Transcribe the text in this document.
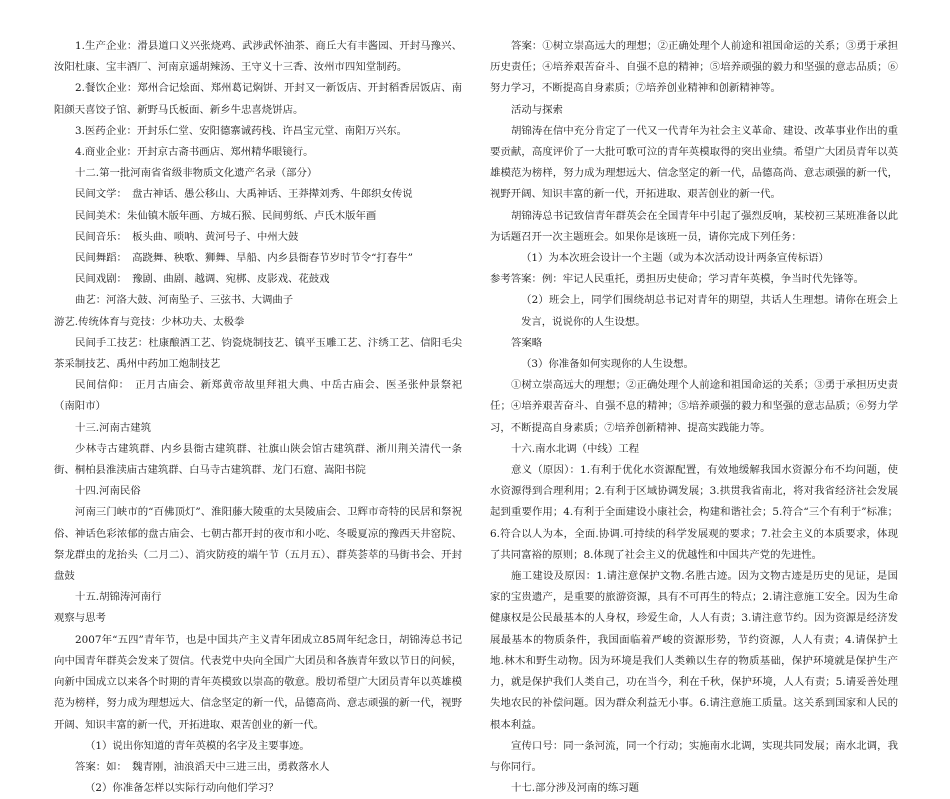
1.生产企业：滑县道口义兴张烧鸡、武涉武怀油茶、商丘大有丰酱园、开封马豫兴、汝阳杜康、宝丰酒厂、河南京遥胡辣汤、王守义十三香、汝州市四知堂制药。

2.餐饮企业：郑州合记烩面、郑州葛记焖饼、开封又一新饭店、开封稻香居饭店、南阳颜天喜饺子馆、新野马氏板面、新乡牛忠喜烧饼店。

3.医药企业：开封乐仁堂、安阳德寨诚药栈、许昌宝元堂、南阳万兴东。

4.商业企业：开封京古斋书画店、郑州精华眼镜行。

十二.第一批河南省省级非物质文化遗产名录（部分）

民间文学：　盘古神话、愚公移山、大禹神话、王莽撵刘秀、牛郎织女传说

民间美术：朱仙镇木版年画、方城石猴、民间剪纸、卢氏木版年画

民间音乐：　板头曲、唢呐、黄河号子、中州大鼓

民间舞蹈：　高跷舞、秧歌、狮舞、旱船、内乡县衙春节岁时节令“打春牛”

民间戏剧：　豫剧、曲剧、越调、宛梆、皮影戏、花鼓戏

曲艺：河洛大鼓、河南坠子、三弦书、大调曲子

游艺.传统体育与竞技：少林功夫、太极拳

民间手工技艺：杜康酿酒工艺、钧瓷烧制技艺、镇平玉雕工艺、汴绣工艺、信阳毛尖茶采制技艺、禹州中药加工炮制技艺

民间信仰：　正月古庙会、新郑黄帝故里拜祖大典、中岳古庙会、医圣张仲景祭祀（南阳市）

十三.河南古建筑

少林寺古建筑群、内乡县衙古建筑群、社旗山陕会馆古建筑群、淅川荆关清代一条街、桐柏县淮渎庙古建筑群、白马寺古建筑群、龙门石窟、嵩阳书院

十四.河南民俗

河南三门峡市的“百佛顶灯”、淮阳藤大陵重的太昊陵庙会、卫辉市奇特的民居和祭祝俗、神话色彩浓郁的盘古庙会、七朝古都开封的夜市和小吃、冬暖夏凉的豫西天井窑院、祭龙群虫的龙抬头（二月二）、消灾防疫的端午节（五月五）、群英荟萃的马街书会、开封盘鼓

十五.胡锦涛河南行

观察与思考

2007年“五四”青年节，也是中国共产主义青年团成立85周年纪念日，胡锦涛总书记向中国青年群英会发来了贺信。代表党中央向全国广大团员和各族青年致以节日的问候，向新中国成立以来各个时期的青年英模致以崇高的敬意。殷切希望广大团员青年以英雄模范为榜样，努力成为理想远大、信念坚定的新一代，品德高尚、意志顽强的新一代，视野开阔、知识丰富的新一代，开拓进取、艰苦创业的新一代。

（1）说出你知道的青年英模的名字及主要事迹。

答案：如：　魏青刚，油浪滔天中三进三出，勇救落水人

（2）你准备怎样以实际行动向他们学习？

答案：①树立崇高远大的理想；②正确处理个人前途和祖国命运的关系；③勇于承担历史责任；④培养艰苦奋斗、自强不息的精神；⑤培养顽强的毅力和坚强的意志品质；⑥努力学习，不断提高自身素质；⑦培养创业精神和创新精神等。

活动与探索

胡锦涛在信中充分肯定了一代又一代青年为社会主义革命、建设、改革事业作出的重要贡献，高度评价了一大批可歌可泣的青年英模取得的突出业绩。希望广大团员青年以英雄模范为榜样，努力成为理想远大、信念坚定的新一代，品德高尚、意志顽强的新一代，视野开阔、知识丰富的新一代，开拓进取、艰苦创业的新一代。

胡锦涛总书记致信青年群英会在全国青年中引起了强烈反响，某校初三某班准备以此为话题召开一次主题班会。如果你是该班一员，请你完成下列任务：

（1）为本次班会设计一个主题（或为本次活动设计两条宣传标语）

参考答案：例：牢记人民重托，勇担历史使命；学习青年英模，争当时代先锋等。

（2）班会上，同学们围绕胡总书记对青年的期望，共话人生理想。请你在班会上发言，说说你的人生设想。

答案略

（3）你准备如何实现你的人生设想。

①树立崇高远大的理想；②正确处理个人前途和祖国命运的关系；③勇于承担历史责任；④培养艰苦奋斗、自强不息的精神；⑤培养顽强的毅力和坚强的意志品质；⑥努力学习，不断提高自身素质；⑦培养创新精神、提高实践能力等。

十六.南水北调（中线）工程

意义（原因）：1.有利于优化水资源配置，有效地缓解我国水资源分布不均问题，使水资源得到合理利用；2.有利于区域协调发展；3.拱贯我省南北，将对我省经济社会发展起到重要作用；4.有利于全面建设小康社会，构建和谐社会；5.符合“三个有利于”标准；6.符合以人为本，全面.协调.可持续的科学发展观的要求；7.社会主义的本质要求，体现了共同富裕的原则；8.体现了社会主义的优越性和中国共产党的先进性。

施工建设及原因：1.请注意保护文物.名胜古迹。因为文物古迹是历史的见证，是国家的宝贵遗产，是重要的旅游资源，具有不可再生的特点；2.请注意施工安全。因为生命健康权是公民最基本的人身权，珍爱生命，人人有责；3.请注意节约。因为资源是经济发展最基本的物质条件，我国面临着严峻的资源形势，节约资源，人人有责；4.请保护土地.林木和野生动物。因为环境是我们人类赖以生存的物质基础，保护环境就是保护生产力，就是保护我们人类自己，功在当今，利在千秋，保护环境，人人有责；5.请妥善处理失地农民的补偿问题。因为群众利益无小事。6.请注意施工质量。这关系到国家和人民的根本利益。

宣传口号：同一条河流，同一个行动；实施南水北调，实现共同发展；南水北调，我与你同行。

十七.部分涉及河南的练习题
